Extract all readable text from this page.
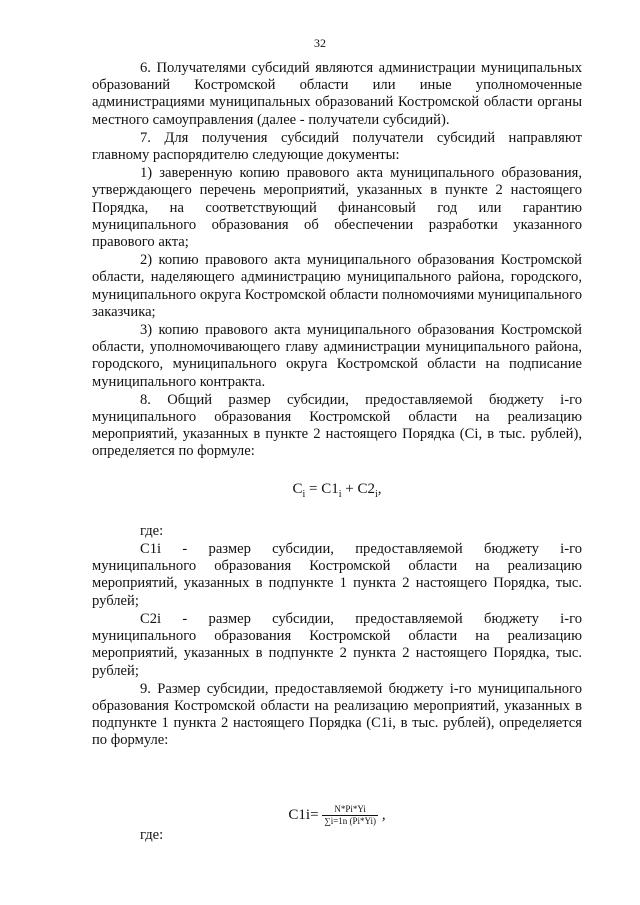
32

6. Получателями субсидий являются администрации муниципальных образований Костромской области или иные уполномоченные администрациями муниципальных образований Костромской области органы местного самоуправления (далее - получатели субсидий).

7. Для получения субсидий получатели субсидий направляют главному распорядителю следующие документы:

1) заверенную копию правового акта муниципального образования, утверждающего перечень мероприятий, указанных в пункте 2 настоящего Порядка, на соответствующий финансовый год или гарантию муниципального образования об обеспечении разработки указанного правового акта;

2) копию правового акта муниципального образования Костромской области, наделяющего администрацию муниципального района, городского, муниципального округа Костромской области полномочиями муниципального заказчика;

3) копию правового акта муниципального образования Костромской области, уполномочивающего главу администрации муниципального района, городского, муниципального округа Костромской области на подписание муниципального контракта.

8. Общий размер субсидии, предоставляемой бюджету i-го муниципального образования Костромской области на реализацию мероприятий, указанных в пункте 2 настоящего Порядка (Ci, в тыс. рублей), определяется по формуле:

$C_i = C1_i + C2_i$,

где:

C1i - размер субсидии, предоставляемой бюджету i-го муниципального образования Костромской области на реализацию мероприятий, указанных в подпункте 1 пункта 2 настоящего Порядка, тыс. рублей;

C2i - размер субсидии, предоставляемой бюджету i-го муниципального образования Костромской области на реализацию мероприятий, указанных в подпункте 2 пункта 2 настоящего Порядка, тыс. рублей;

9. Размер субсидии, предоставляемой бюджету i-го муниципального образования Костромской области на реализацию мероприятий, указанных в подпункте 1 пункта 2 настоящего Порядка (C1i, в тыс. рублей), определяется по формуле:

$C1i= \frac{N*Pi*Yi}{\sum i=1n (Pi*Yi)}$ ,

где:
